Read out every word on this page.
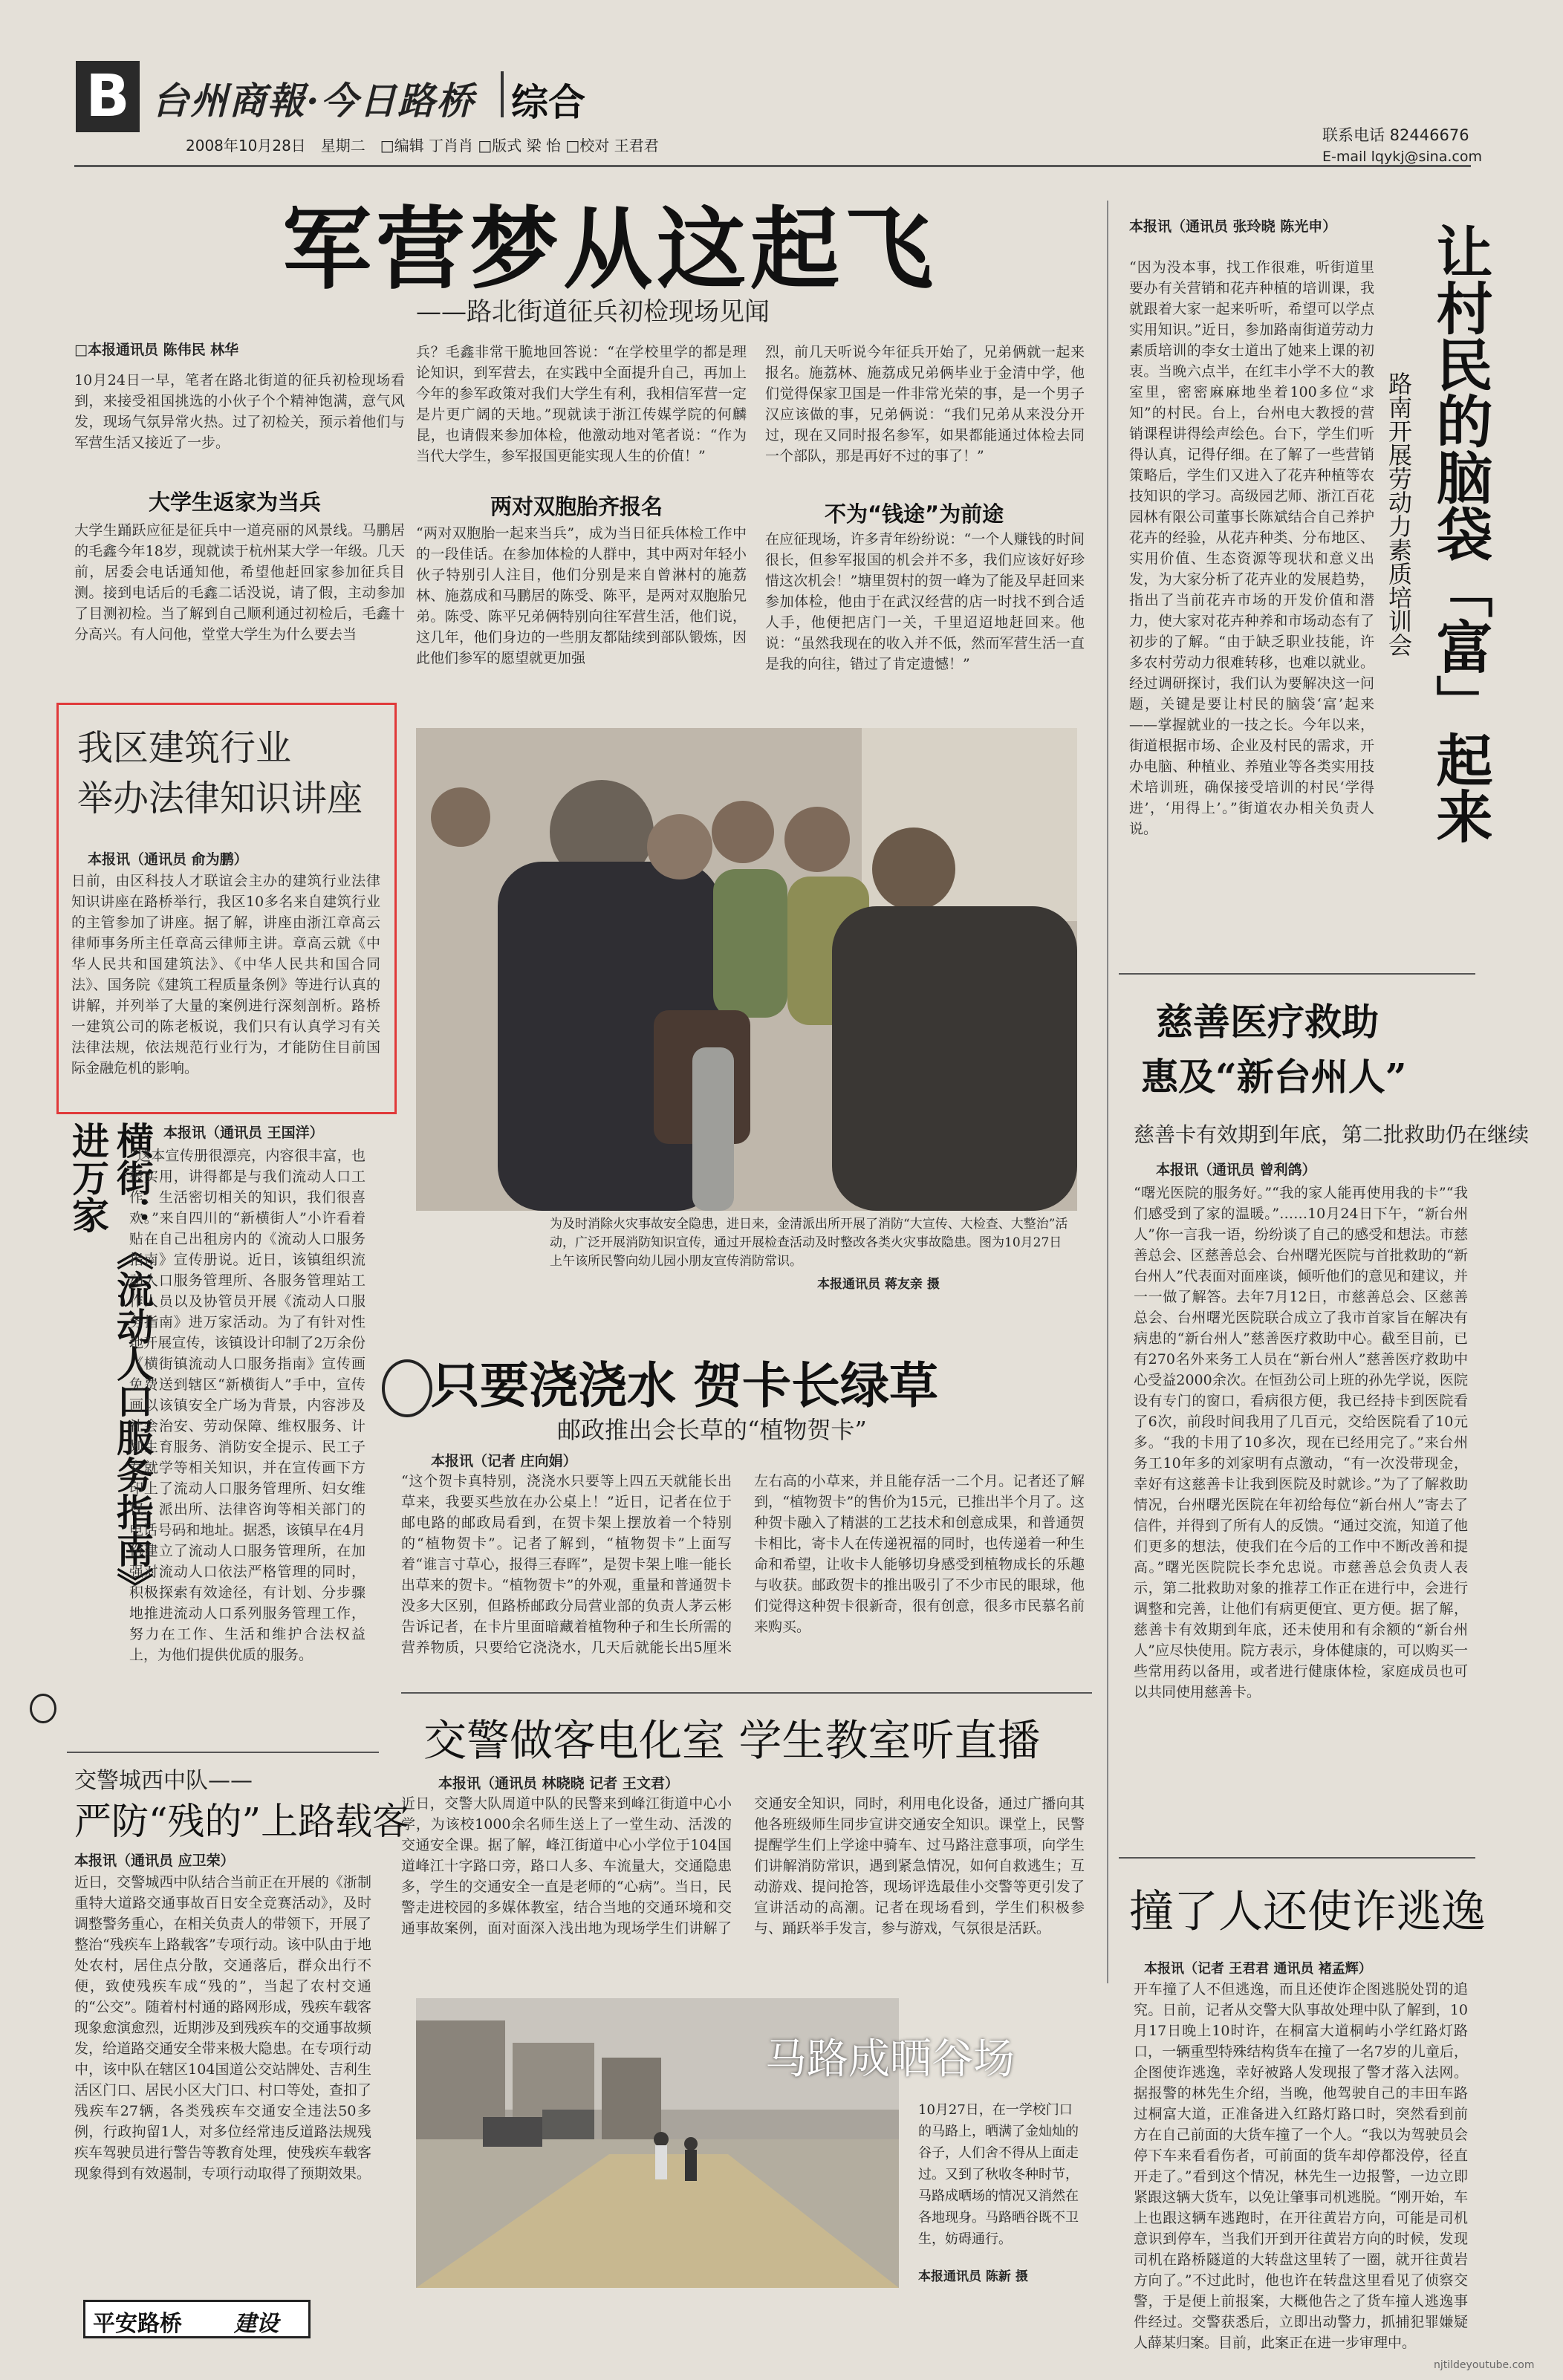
B 台州商報·今日路桥 综合
2008年10月28日　星期二　□编辑 丁肖肖 □版式 梁 怡 □校对 王君君
联系电话 82446676
E-mail lqykj@sina.com
军营梦从这起飞
——路北街道征兵初检现场见闻
□本报通讯员 陈伟民 林华
10月24日一早，笔者在路北街道的征兵初检现场看到，来接受祖国挑选的小伙子个个精神饱满，意气风发，现场气氛异常火热。过了初检关，预示着他们与军营生活又接近了一步。
大学生返家为当兵
大学生踊跃应征是征兵中一道亮丽的风景线。马鹏居的毛鑫今年18岁，现就读于杭州某大学一年级。几天前，居委会电话通知他，希望他赶回家参加征兵目测。接到电话后的毛鑫二话没说，请了假，主动参加了目测初检。当了解到自己顺利通过初检后，毛鑫十分高兴。有人问他，堂堂大学生为什么要去当
兵？毛鑫非常干脆地回答说：“在学校里学的都是理论知识，到军营去，在实践中全面提升自己，再加上今年的参军政策对我们大学生有利，我相信军营一定是片更广阔的天地。”现就读于浙江传媒学院的何麟昆，也请假来参加体检，他激动地对笔者说：“作为当代大学生，参军报国更能实现人生的价值！”
两对双胞胎齐报名
“两对双胞胎一起来当兵”，成为当日征兵体检工作中的一段佳话。在参加体检的人群中，其中两对年轻小伙子特别引人注目，他们分别是来自曾淋村的施荔林、施荔成和马鹏居的陈受、陈平，是两对双胞胎兄弟。陈受、陈平兄弟俩特别向往军营生活，他们说，这几年，他们身边的一些朋友都陆续到部队锻炼，因此他们参军的愿望就更加强
烈，前几天听说今年征兵开始了，兄弟俩就一起来报名。施荔林、施荔成兄弟俩毕业于金清中学，他们觉得保家卫国是一件非常光荣的事，是一个男子汉应该做的事，兄弟俩说：“我们兄弟从来没分开过，现在又同时报名参军，如果都能通过体检去同一个部队，那是再好不过的事了！”
不为“钱途”为前途
在应征现场，许多青年纷纷说：“一个人赚钱的时间很长，但参军报国的机会并不多，我们应该好好珍惜这次机会！”塘里贺村的贺一峰为了能及早赶回来参加体检，他由于在武汉经营的店一时找不到合适人手，他便把店门一关，千里迢迢地赶回来。他说：“虽然我现在的收入并不低，然而军营生活一直是我的向往，错过了肯定遗憾！”	让村民的脑袋「富」起来
路南开展劳动力素质培训会
本报讯（通讯员 张玲晓 陈光申）
“因为没本事，找工作很难，听街道里要办有关营销和花卉种植的培训课，我就跟着大家一起来听听，希望可以学点实用知识。”近日，参加路南街道劳动力素质培训的李女士道出了她来上课的初衷。当晚六点半，在红丰小学不大的教室里，密密麻麻地坐着100多位“求知”的村民。台上，台州电大教授的营销课程讲得绘声绘色。台下，学生们听得认真，记得仔细。在了解了一些营销策略后，学生们又进入了花卉种植等农技知识的学习。高级园艺师、浙江百花园林有限公司董事长陈斌结合自己养护花卉的经验，从花卉种类、分布地区、实用价值、生态资源等现状和意义出发，为大家分析了花卉业的发展趋势，指出了当前花卉市场的开发价值和潜力，使大家对花卉种养和市场动态有了初步的了解。“由于缺乏职业技能，许多农村劳动力很难转移，也难以就业。经过调研探讨，我们认为要解决这一问题，关键是要让村民的脑袋‘富’起来——掌握就业的一技之长。今年以来，街道根据市场、企业及村民的需求，开办电脑、种植业、养殖业等各类实用技术培训班，确保接受培训的村民‘学得进’，‘用得上’。”街道农办相关负责人说。
我区建筑行业
举办法律知识讲座
本报讯（通讯员 俞为鹏）
日前，由区科技人才联谊会主办的建筑行业法律知识讲座在路桥举行，我区10多名来自建筑行业的主管参加了讲座。据了解，讲座由浙江章高云律师事务所主任章高云律师主讲。章高云就《中华人民共和国建筑法》、《中华人民共和国合同法》、国务院《建筑工程质量条例》等进行认真的讲解，并列举了大量的案例进行深刻剖析。路桥一建筑公司的陈老板说，我们只有认真学习有关法律法规，依法规范行业行为，才能防住目前国际金融危机的影响。
为及时消除火灾事故安全隐患，进日来，金清派出所开展了消防“大宣传、大检查、大整治”活动，广泛开展消防知识宣传，通过开展检查活动及时整改各类火灾事故隐患。图为10月27日上午该所民警向幼儿园小朋友宣传消防常识。
本报通讯员 蒋友亲 摄
慈善医疗救助
惠及“新台州人”
慈善卡有效期到年底，第二批救助仍在继续
本报讯（通讯员 曾利鸽）
“曙光医院的服务好。”“我的家人能再使用我的卡”“我们感受到了家的温暖。”……10月24日下午，“新台州人”你一言我一语，纷纷谈了自己的感受和想法。市慈善总会、区慈善总会、台州曙光医院与首批救助的“新台州人”代表面对面座谈，倾听他们的意见和建议，并一一做了解答。去年7月12日，市慈善总会、区慈善总会、台州曙光医院联合成立了我市首家旨在解决有病患的“新台州人”慈善医疗救助中心。截至目前，已有270名外来务工人员在“新台州人”慈善医疗救助中心受益2000余次。在恒劲公司上班的孙先学说，医院设有专门的窗口，看病很方便，我已经持卡到医院看了6次，前段时间我用了几百元，交给医院看了10元多。“我的卡用了10多次，现在已经用完了。”来台州务工10年多的刘家明有点激动，“有一次没带现金，幸好有这慈善卡让我到医院及时就诊。”为了了解救助情况，台州曙光医院在年初给每位“新台州人”寄去了信件，并得到了所有人的反馈。“通过交流，知道了他们更多的想法，使我们在今后的工作中不断改善和提高。”曙光医院院长李允忠说。市慈善总会负责人表示，第二批救助对象的推荐工作正在进行中，会进行调整和完善，让他们有病更便宜、更方便。据了解，慈善卡有效期到年底，还未使用和有余额的“新台州人”应尽快使用。院方表示，身体健康的，可以购买一些常用药以备用，或者进行健康体检，家庭成员也可以共同使用慈善卡。
横街：《流动人口服务指南》进万家	本报讯（通讯员 王国洋）
“这本宣传册很漂亮，内容很丰富，也很实用，讲得都是与我们流动人口工作、生活密切相关的知识，我们很喜欢。”来自四川的“新横街人”小许看着贴在自己出租房内的《流动人口服务指南》宣传册说。近日，该镇组织流动人口服务管理所、各服务管理站工作人员以及协管员开展《流动人口服务指南》进万家活动。为了有针对性地开展宣传，该镇设计印制了2万余份《横街镇流动人口服务指南》宣传画免费送到辖区“新横街人”手中，宣传画以该镇安全广场为背景，内容涉及社会治安、劳动保障、维权服务、计划生育服务、消防安全提示、民工子女就学等相关知识，并在宣传画下方印上了流动人口服务管理所、妇女维权、派出所、法律咨询等相关部门的电话号码和地址。据悉，该镇早在4月份建立了流动人口服务管理所，在加强对流动人口依法严格管理的同时，积极探索有效途径，有计划、分步骤地推进流动人口系列服务管理工作，努力在工作、生活和维护合法权益上，为他们提供优质的服务。
只要浇浇水 贺卡长绿草
邮政推出会长草的“植物贺卡”
本报讯（记者 庄向娟）
“这个贺卡真特别，浇浇水只要等上四五天就能长出草来，我要买些放在办公桌上！”近日，记者在位于邮电路的邮政局看到，在贺卡架上摆放着一个特别的“植物贺卡”。记者了解到，“植物贺卡”上面写着“谁言寸草心，报得三春晖”，是贺卡架上唯一能长出草来的贺卡。“植物贺卡”的外观，重量和普通贺卡没多大区别，但路桥邮政分局营业部的负责人茅云彬告诉记者，在卡片里面暗藏着植物种子和生长所需的营养物质，只要给它浇浇水，几天后就能长出5厘米左右高的小草来，并且能存活一二个月。记者还了解到，“植物贺卡”的售价为15元，已推出半个月了。这种贺卡融入了精湛的工艺技术和创意成果，和普通贺卡相比，寄卡人在传递祝福的同时，也传递着一种生命和希望，让收卡人能够切身感受到植物成长的乐趣与收获。邮政贺卡的推出吸引了不少市民的眼球，他们觉得这种贺卡很新奇，很有创意，很多市民慕名前来购买。
交警城西中队——
严防“残的”上路载客
本报讯（通讯员 应卫荣）
近日，交警城西中队结合当前正在开展的《浙制重特大道路交通事故百日安全竞赛活动》，及时调整警务重心，在相关负责人的带领下，开展了整治“残疾车上路载客”专项行动。该中队由于地处农村，居住点分散，交通落后，群众出行不便，致使残疾车成“残的”，当起了农村交通的“公交”。随着村村通的路网形成，残疾车载客现象愈演愈烈，近期涉及到残疾车的交通事故频发，给道路交通安全带来极大隐患。在专项行动中，该中队在辖区104国道公交站牌处、吉利生活区门口、居民小区大门口、村口等处，查扣了残疾车27辆，各类残疾车交通安全违法50多例，行政拘留1人，对多位经常违反道路法规残疾车驾驶员进行警告等教育处理，使残疾车载客现象得到有效遏制，专项行动取得了预期效果。
平安路桥 建设
交警做客电化室 学生教室听直播
本报讯（通讯员 林晓晓 记者 王文君）
近日，交警大队周道中队的民警来到峰江街道中心小学，为该校1000余名师生送上了一堂生动、活泼的交通安全课。据了解，峰江街道中心小学位于104国道峰江十字路口旁，路口人多、车流量大，交通隐患多，学生的交通安全一直是老师的“心病”。当日，民警走进校园的多媒体教室，结合当地的交通环境和交通事故案例，面对面深入浅出地为现场学生们讲解了交通安全知识，同时，利用电化设备，通过广播向其他各班级师生同步宣讲交通安全知识。课堂上，民警提醒学生们上学途中骑车、过马路注意事项，向学生们讲解消防常识，遇到紧急情况，如何自救逃生；互动游戏、提问抢答，现场评选最佳小交警等更引发了宣讲活动的高潮。记者在现场看到，学生们积极参与、踊跃举手发言，参与游戏，气氛很是活跃。
马路成晒谷场
10月27日，在一学校门口的马路上，晒满了金灿灿的谷子，人们舍不得从上面走过。又到了秋收冬种时节，马路成晒场的情况又消然在各地现身。马路晒谷既不卫生，妨碍通行。
本报通讯员 陈新 摄
撞了人还使诈逃逸
本报讯（记者 王君君 通讯员 褚孟辉）
开车撞了人不但逃逸，而且还使诈企图逃脱处罚的追究。日前，记者从交警大队事故处理中队了解到，10月17日晚上10时许，在桐富大道桐屿小学红路灯路口，一辆重型特殊结构货车在撞了一名7岁的儿童后，企图使诈逃逸，幸好被路人发现报了警才落入法网。据报警的林先生介绍，当晚，他驾驶自己的丰田车路过桐富大道，正准备进入红路灯路口时，突然看到前方在自己前面的大货车撞了一个人。“我以为驾驶员会停下车来看看伤者，可前面的货车却停都没停，径直开走了。”看到这个情况，林先生一边报警，一边立即紧跟这辆大货车，以免让肇事司机逃脱。“刚开始，车上也跟这辆车逃跑时，在开往黄岩方向，可能是司机意识到停车，当我们开到开往黄岩方向的时候，发现司机在路桥隧道的大转盘这里转了一圈，就开往黄岩方向了。”不过此时，他也许在转盘这里看见了侦察交警，于是便上前报案，大概他告之了货车撞人逃逸事件经过。交警获悉后，立即出动警力，抓捕犯罪嫌疑人薛某归案。目前，此案正在进一步审理中。
njtildeyoutube.com
